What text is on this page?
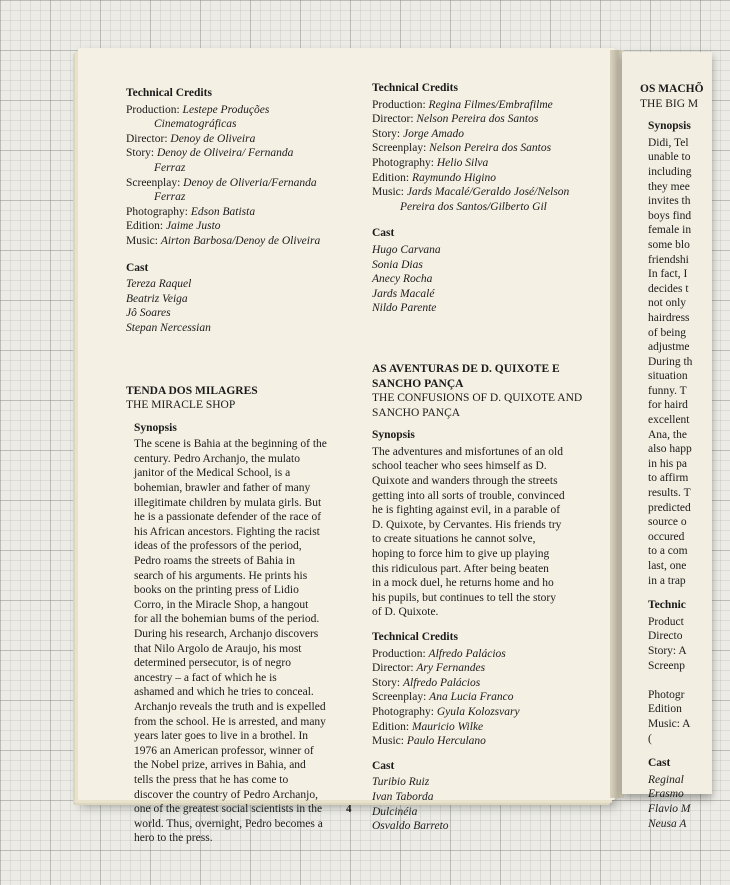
Technical Credits

Production: Lestepe Produções

Cinematográficas

Director: Denoy de Oliveira

Story: Denoy de Oliveira/ Fernanda

Ferraz

Screenplay: Denoy de Oliveria/Fernanda

Ferraz

Photography: Edson Batista

Edition: Jaime Justo

Music: Airton Barbosa/Denoy de Oliveira

Cast

Tereza Raquel

Beatriz Veiga

Jô Soares

Stepan Nercessian

TENDA DOS MILAGRES

THE MIRACLE SHOP

Synopsis

The scene is Bahia at the beginning of the

century. Pedro Archanjo, the mulato

janitor of the Medical School, is a

bohemian, brawler and father of many

illegitimate children by mulata girls. But

he is a passionate defender of the race of

his African ancestors. Fighting the racist

ideas of the professors of the period,

Pedro roams the streets of Bahia in

search of his arguments. He prints his

books on the printing press of Lidio

Corro, in the Miracle Shop, a hangout

for all the bohemian bums of the period.

During his research, Archanjo discovers

that Nilo Argolo de Araujo, his most

determined persecutor, is of negro

ancestry – a fact of which he is

ashamed and which he tries to conceal.

Archanjo reveals the truth and is expelled

from the school. He is arrested, and many

years later goes to live in a brothel. In

1976 an American professor, winner of

the Nobel prize, arrives in Bahia, and

tells the press that he has come to

discover the country of Pedro Archanjo,

one of the greatest social scientists in the

world. Thus, overnight, Pedro becomes a

hero to the press.

Technical Credits

Production: Regina Filmes/Embrafilme

Director: Nelson Pereira dos Santos

Story: Jorge Amado

Screenplay: Nelson Pereira dos Santos

Photography: Helio Silva

Edition: Raymundo Higino

Music: Jards Macalé/Geraldo José/Nelson

Pereira dos Santos/Gilberto Gil

Cast

Hugo Carvana

Sonia Dias

Anecy Rocha

Jards Macalé

Nildo Parente

AS AVENTURAS DE D. QUIXOTE E

SANCHO PANÇA

THE CONFUSIONS OF D. QUIXOTE AND

SANCHO PANÇA

Synopsis

The adventures and misfortunes of an old

school teacher who sees himself as D.

Quixote and wanders through the streets

getting into all sorts of trouble, convinced

he is fighting against evil, in a parable of

D. Quixote, by Cervantes. His friends try

to create situations he cannot solve,

hoping to force him to give up playing

this ridiculous part. After being beaten

in a mock duel, he returns home and ho

his pupils, but continues to tell the story

of D. Quixote.

Technical Credits

Production: Alfredo Palácios

Director: Ary Fernandes

Story: Alfredo Palácios

Screenplay: Ana Lucia Franco

Photography: Gyula Kolozsvary

Edition: Mauricio Wilke

Music: Paulo Herculano

Cast

Turibio Ruiz

Ivan Taborda

Dulcinéia

Osvaldo Barreto

4

OS MACHÕ

THE BIG M

Synopsis

Didi, Tel

unable to

including

they mee

invites th

boys find

female in

some blo

friendshi

In fact, I

decides t

not only

hairdress

of being

adjustme

During th

situation

funny. T

for haird

excellent

Ana, the

also happ

in his pa

to affirm

results. T

predicted

source o

occured

to a com

last, one

in a trap

Technic

Product

Directo

Story: A

Screenp

Photogr

Edition

Music: A

(

Cast

Reginal

Erasmo

Flavio M

Neusa A
